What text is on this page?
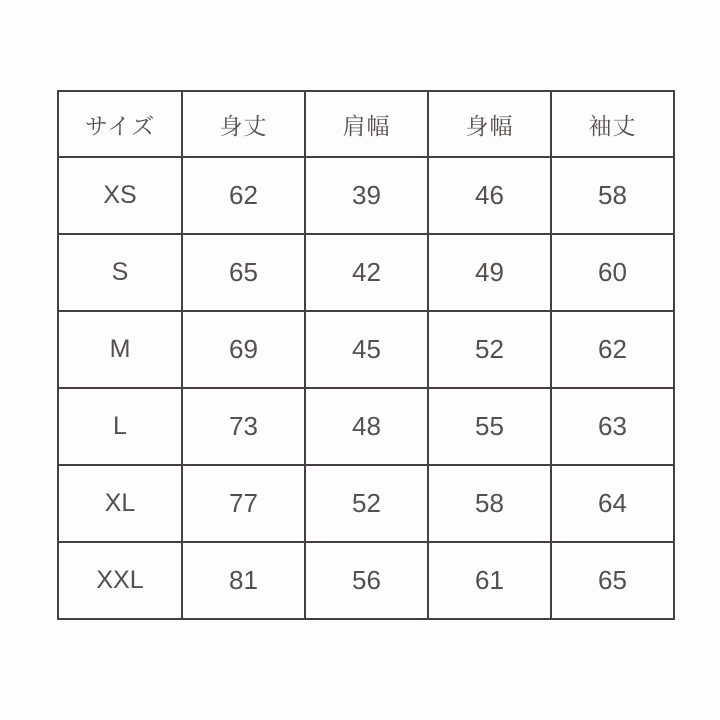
サイズ	身丈	肩幅	身幅	袖丈
XS	62	39	46	58
S	65	42	49	60
M	69	45	52	62
L	73	48	55	63
XL	77	52	58	64
XXL	81	56	61	65
